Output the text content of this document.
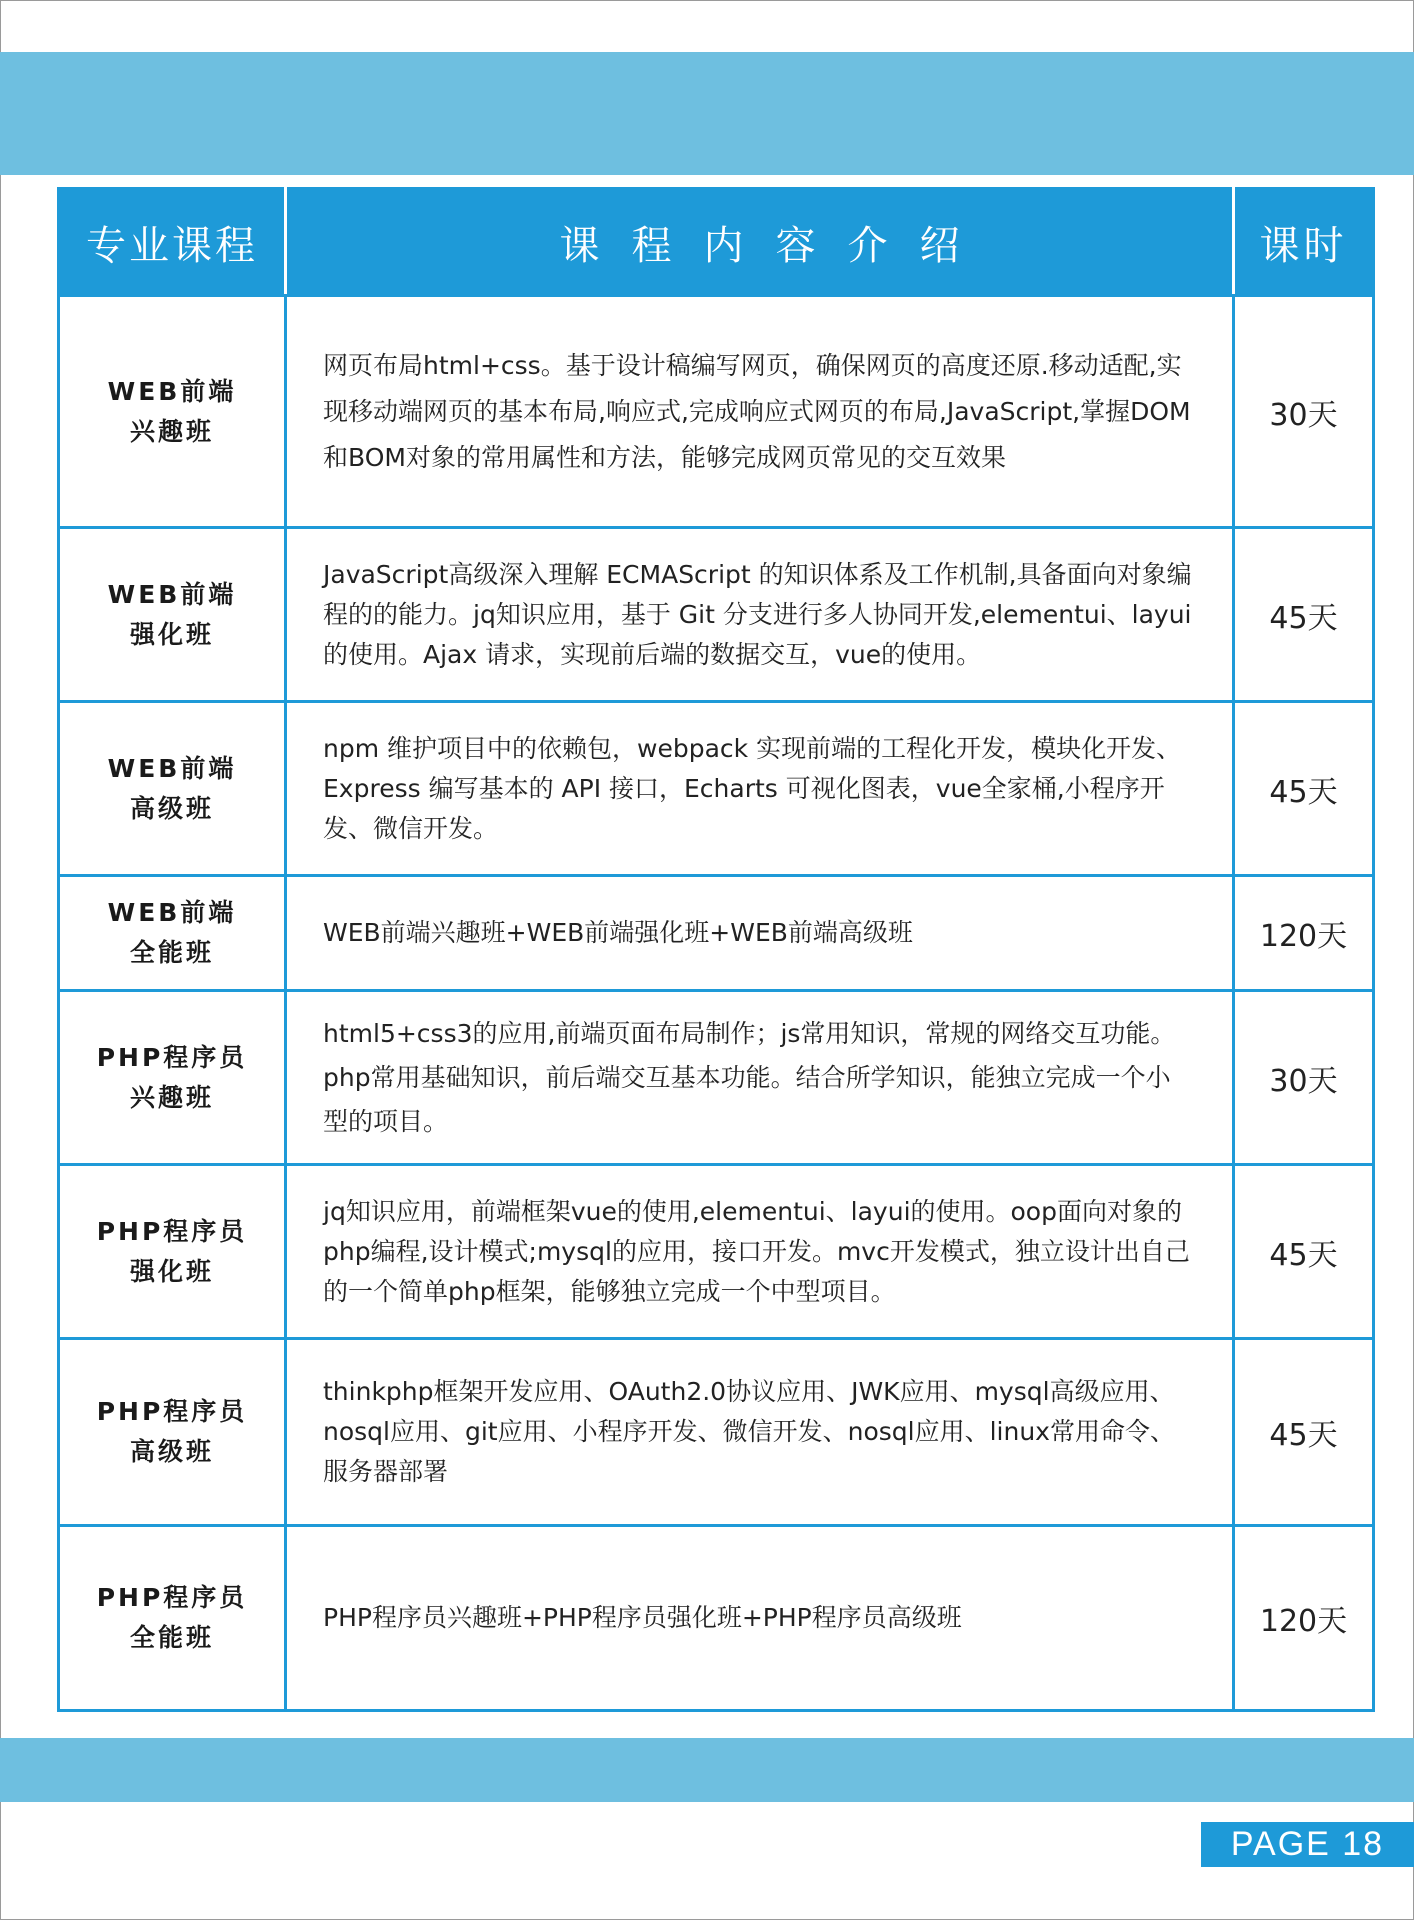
专业课程	课程内容介绍	课时

WEB前端
兴趣班	网页布局html+css。基于设计稿编写网页，确保网页的高度还原.移动适配,实现移动端网页的基本布局,响应式,完成响应式网页的布局,JavaScript,掌握DOM和BOM对象的常用属性和方法，能够完成网页常见的交互效果	30天

WEB前端
强化班	JavaScript高级深入理解 ECMAScript 的知识体系及工作机制,具备面向对象编程的的能力。jq知识应用，基于 Git 分支进行多人协同开发,elementui、layui的使用。Ajax 请求，实现前后端的数据交互，vue的使用。	45天

WEB前端
高级班	npm 维护项目中的依赖包，webpack 实现前端的工程化开发，模块化开发、Express 编写基本的 API 接口，Echarts 可视化图表，vue全家桶,小程序开发、微信开发。	45天

WEB前端
全能班	WEB前端兴趣班+WEB前端强化班+WEB前端高级班	120天

PHP程序员
兴趣班	html5+css3的应用,前端页面布局制作；js常用知识，常规的网络交互功能。php常用基础知识，前后端交互基本功能。结合所学知识，能独立完成一个小型的项目。	30天

PHP程序员
强化班	jq知识应用，前端框架vue的使用,elementui、layui的使用。oop面向对象的php编程,设计模式;mysql的应用，接口开发。mvc开发模式，独立设计出自己的一个简单php框架，能够独立完成一个中型项目。	45天

PHP程序员
高级班	thinkphp框架开发应用、OAuth2.0协议应用、JWK应用、mysql高级应用、nosql应用、git应用、小程序开发、微信开发、nosql应用、linux常用命令、服务器部署	45天

PHP程序员
全能班	PHP程序员兴趣班+PHP程序员强化班+PHP程序员高级班	120天
PAGE 18
